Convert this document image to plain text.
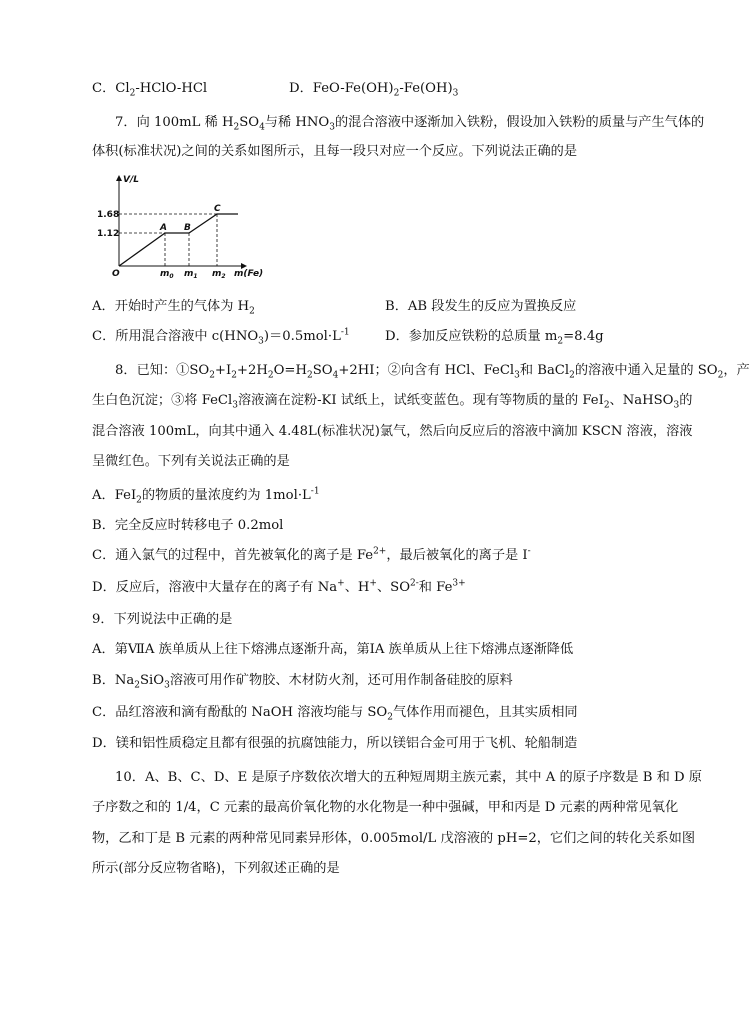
C．$Cl_2-HClO$-HCl	D．FeO-$Fe(OH)_2-Fe(OH)_3$
7．向 100mL 稀 $H_2SO_4$与稀 $HNO_3$的混合溶液中逐渐加入铁粉，假设加入铁粉的质量与产生气体的
体积(标准状况)之间的关系如图所示，且每一段只对应一个反应。下列说法正确的是
V/L
m(Fe)
O
1.68
1.12
A B
C
$m_0$ $m_1$ $m_2$
A．开始时产生的气体为 $H_2$	B．AB 段发生的反应为置换反应
C．所用混合溶液中 $c(HNO_3)=0.5mol\cdot L^{-1}$	D．参加反应铁粉的总质量 $m_2=8.4g$
8．已知：$①SO_2+I_2+2H_2O=H_2SO_4+2HI$；②向含有 HCl、FeCl$_3$和 BaCl$_2$的溶液中通入足量的 $SO_2$，产
生白色沉淀；③将 FeCl$_3$溶液滴在淀粉-KI 试纸上，试纸变蓝色。现有等物质的量的 FeI$_2$、NaHSO$_3$的
混合溶液 100mL，向其中通入 4.48L(标准状况)氯气，然后向反应后的溶液中滴加 KSCN 溶液，溶液
呈微红色。下列有关说法正确的是
A．FeI$_2$的物质的量浓度约为 $1mol\cdot L^{-1}$
B．完全反应时转移电子 0.2mol
C．通入氯气的过程中，首先被氧化的离子是 $Fe^{2+}$，最后被氧化的离子是 I-
D．反应后，溶液中大量存在的离子有 Na+、H+、$SO^{2-}$和 $Fe^{3+}$
9．下列说法中正确的是
A．第ⅦA 族单质从上往下熔沸点逐渐升高，第ⅠA 族单质从上往下熔沸点逐渐降低
B．$Na_2SiO_3$溶液可用作矿物胶、木材防火剂，还可用作制备硅胶的原料
C．品红溶液和滴有酚酞的 NaOH 溶液均能与 $SO_2$气体作用而褪色，且其实质相同
D．镁和铝性质稳定且都有很强的抗腐蚀能力，所以镁铝合金可用于飞机、轮船制造
10．A、B、C、D、E 是原子序数依次增大的五种短周期主族元素，其中 A 的原子序数是 B 和 D 原
子序数之和的 1/4，C 元素的最高价氧化物的水化物是一种中强碱，甲和丙是 D 元素的两种常见氧化
物，乙和丁是 B 元素的两种常见同素异形体，0.005mol/L 戊溶液的 pH=2，它们之间的转化关系如图
所示(部分反应物省略)，下列叙述正确的是
